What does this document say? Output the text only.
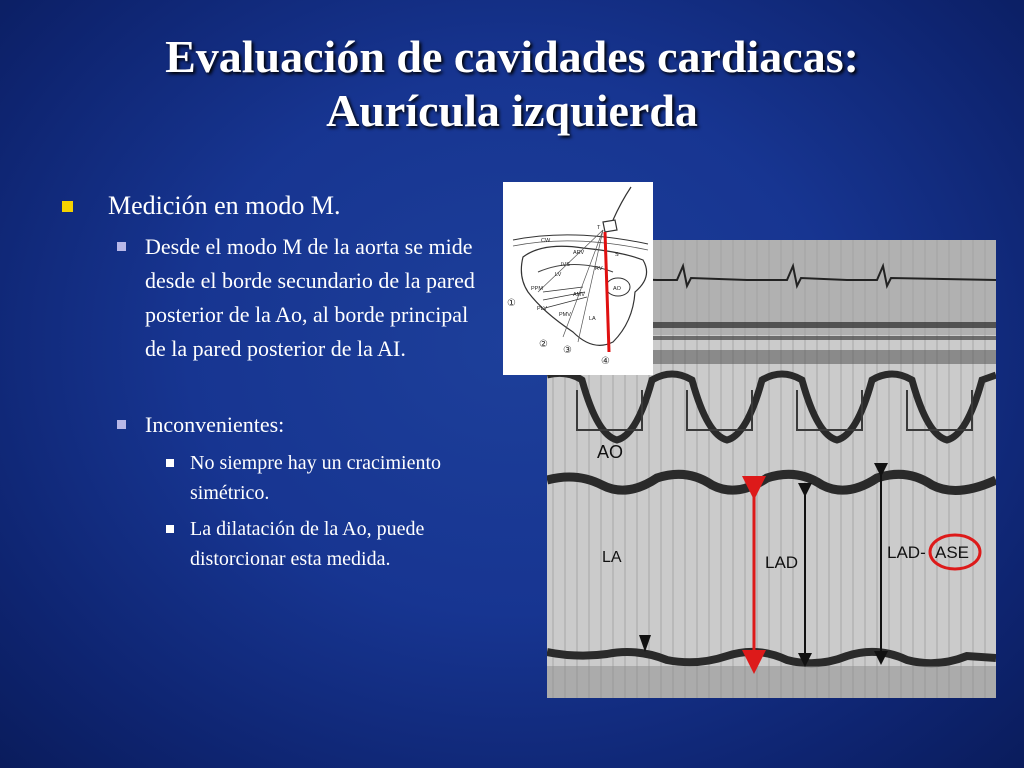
Evaluación de cavidades cardiacas:
Aurícula izquierda
Medición en modo M.
Desde el modo M de la aorta se mide desde el borde secundario de la pared posterior de la Ao, al borde principal de la pared posterior de la AI.
Inconvenientes:
No siempre hay un cracimiento simétrico.
La dilatación de la Ao, puede distorcionar esta medida.
AO
LA	LAD
LAD- ASE
CW
ARV
RV
IVS
LV
S
AO
PPM
AMV
PLV
PMV
LA
T
①
②
③
④
